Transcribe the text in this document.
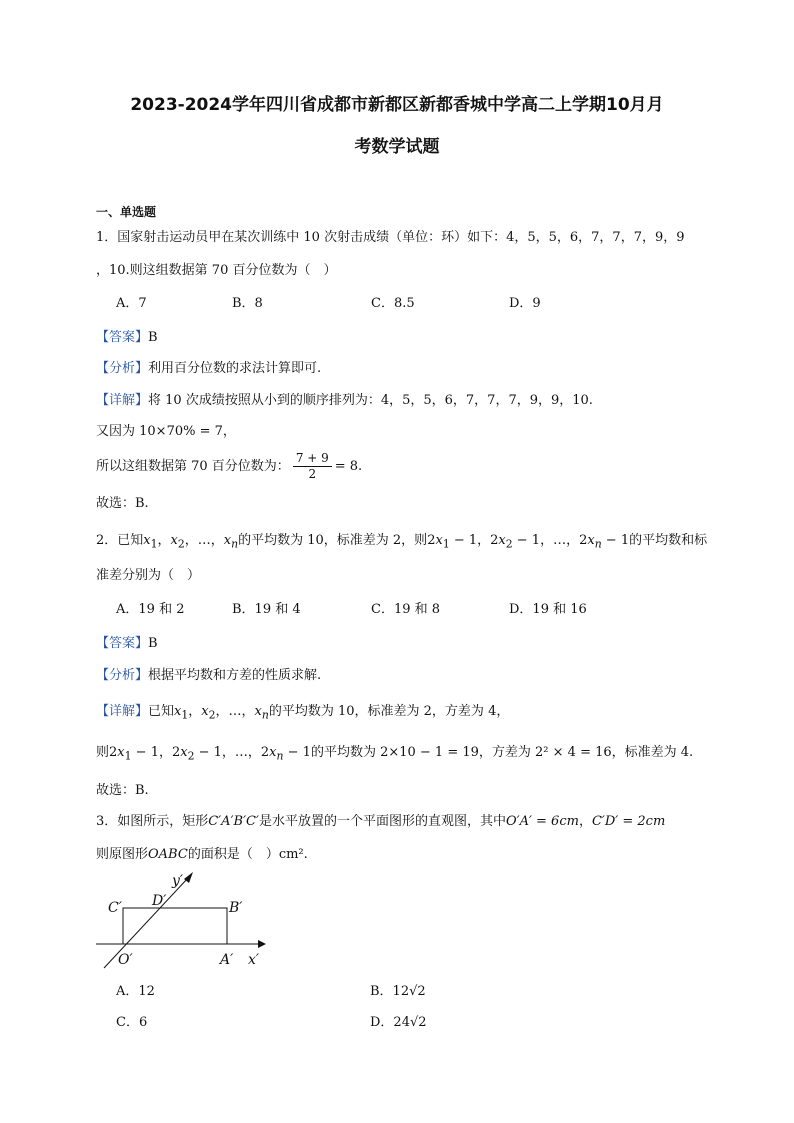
2023-2024学年四川省成都市新都区新都香城中学高二上学期10月月
考数学试题
一、单选题
1．国家射击运动员甲在某次训练中 10 次射击成绩（单位：环）如下：4，5，5，6，7，7，7，9，9
，10.则这组数据第 70 百分位数为（　）
A．7	B．8	C．8.5	D．9
【答案】B
【分析】利用百分位数的求法计算即可.
【详解】将 10 次成绩按照从小到的顺序排列为：4，5，5，6，7，7，7，9，9，10.
又因为 10×70% = 7，
所以这组数据第 70 百分位数为： $\frac{7 + 9}{2} = 8$.
故选：B.
2．已知$x_1$，$x_2$，…，$x_n$的平均数为 10，标准差为 2，则$2x_1 - 1$，$2x_2 - 1$，…，$2x_n - 1$的平均数和标
准差分别为（　）
A．19 和 2	B．19 和 4	C．19 和 8	D．19 和 16
【答案】B
【分析】根据平均数和方差的性质求解.
【详解】已知$x_1$，$x_2$，…，$x_n$的平均数为 10，标准差为 2，方差为 4，
则$2x_1 - 1$，$2x_2 - 1$，…，$2x_n - 1$的平均数为 2×10 − 1 = 19，方差为 2² × 4 = 16，标准差为 4.
故选：B.
3．如图所示，矩形C′A′B′C′是水平放置的一个平面图形的直观图，其中O′A′ = 6cm，C′D′ = 2cm
则原图形OABC的面积是（　）cm².
C′ D′	B′
O′	A′ x′
y′
A．12	B．12√2
C．6	D．24√2
